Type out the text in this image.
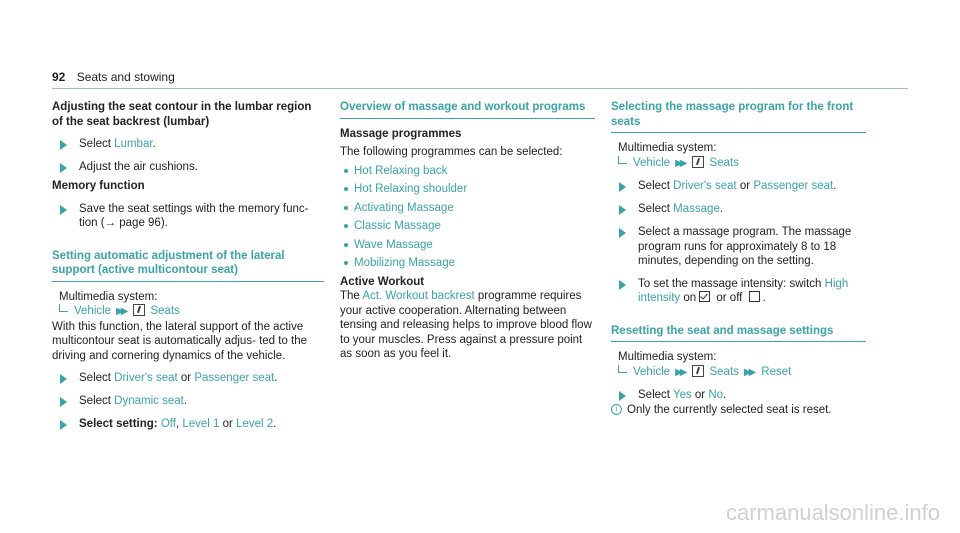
92 Seats and stowing
Adjusting the seat contour in the lumbar region of the seat backrest (lumbar)
Select Lumbar.
Adjust the air cushions.
Memory function
Save the seat settings with the memory func- tion (→ page 96).
Setting automatic adjustment of the lateral support (active multicontour seat)
Multimedia system:
Vehicle ▶▶ Seats
With this function, the lateral support of the active multicontour seat is automatically adjus- ted to the driving and cornering dynamics of the vehicle.
Select Driver's seat or Passenger seat.
Select Dynamic seat.
Select setting: Off, Level 1 or Level 2.
Overview of massage and workout programs
Massage programmes
The following programmes can be selected:
Hot Relaxing back
Hot Relaxing shoulder
Activating Massage
Classic Massage
Wave Massage
Mobilizing Massage
Active Workout
The Act. Workout backrest programme requires your active cooperation. Alternating between tensing and releasing helps to improve blood flow to your muscles. Press against a pressure point as soon as you feel it.
Selecting the massage program for the front seats
Multimedia system:
Vehicle ▶▶ Seats
Select Driver's seat or Passenger seat.
Select Massage.
Select a massage program. The massage program runs for approximately 8 to 18 minutes, depending on the setting.
To set the massage intensity: switch High intensity on or off .
Resetting the seat and massage settings
Multimedia system:
Vehicle ▶▶ Seats ▶▶ Reset
Select Yes or No.
i Only the currently selected seat is reset.
carmanualsonline.info
